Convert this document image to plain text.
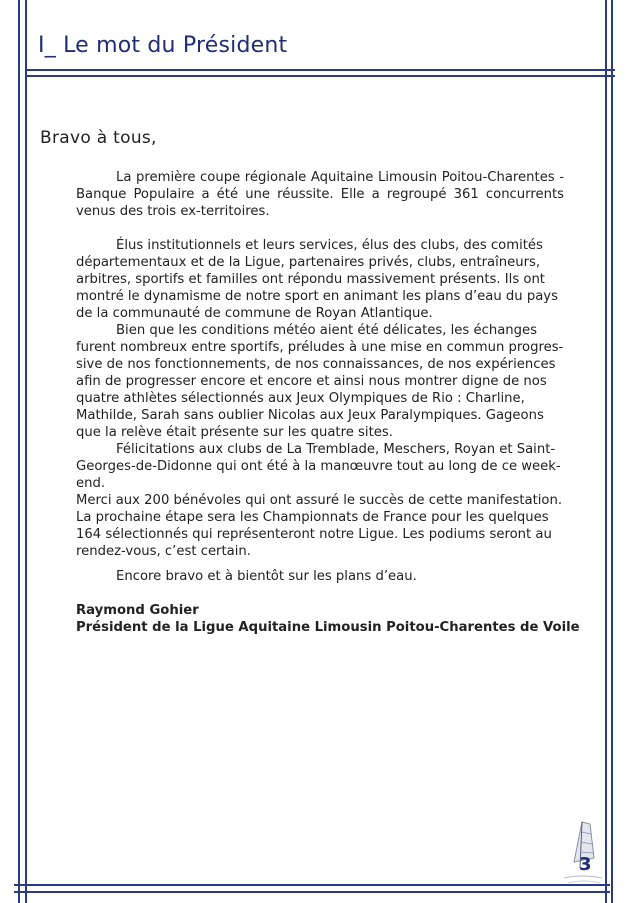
I_ Le mot du Président
Bravo à tous,

La première coupe régionale Aquitaine Limousin Poitou-Charentes - Banque Populaire a été une réussite. Elle a regroupé 361 concurrents venus des trois ex-territoires.

Élus institutionnels et leurs services, élus des clubs, des comités départementaux et de la Ligue, partenaires privés, clubs, entraîneurs, arbitres, sportifs et familles ont répondu massivement présents. Ils ont montré le dynamisme de notre sport en animant les plans d’eau du pays de la communauté de commune de Royan Atlantique.

Bien que les conditions météo aient été délicates, les échanges furent nombreux entre sportifs, préludes à une mise en commun progres-sive de nos fonctionnements, de nos connaissances, de nos expériences afin de progresser encore et encore et ainsi nous montrer digne de nos quatre athlètes sélectionnés aux Jeux Olympiques de Rio : Charline, Mathilde, Sarah sans oublier Nicolas aux Jeux Paralympiques. Gageons que la relève était présente sur les quatre sites.

Félicitations aux clubs de La Tremblade, Meschers, Royan et Saint-Georges-de-Didonne qui ont été à la manœuvre tout au long de ce week-end.
Merci aux 200 bénévoles qui ont assuré le succès de cette manifestation.
La prochaine étape sera les Championnats de France pour les quelques 164 sélectionnés qui représenteront notre Ligue. Les podiums seront au rendez-vous, c’est certain.

Encore bravo et à bientôt sur les plans d’eau.

Raymond Gohier
Président de la Ligue Aquitaine Limousin Poitou-Charentes de Voile
3
